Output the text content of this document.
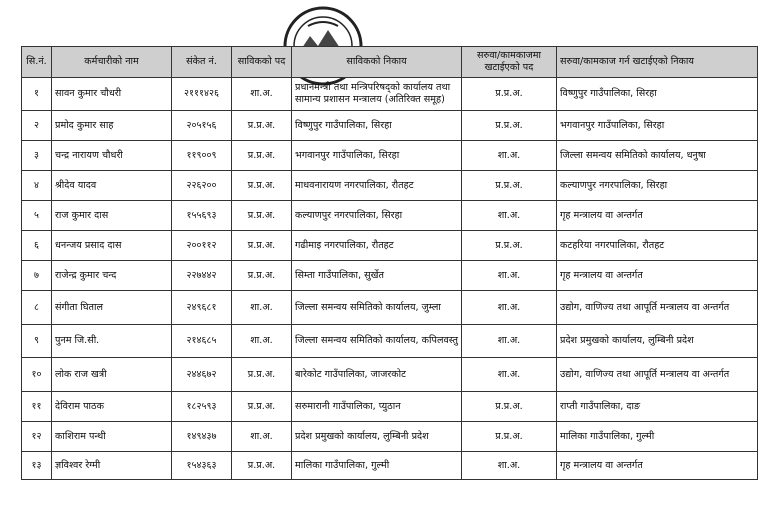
सि.नं.	कर्मचारीको नाम	संकेत नं.	साविकको पद	साविकको निकाय	सरुवा/कामकाजमा खटाईएको पद	सरुवा/कामकाज गर्न खटाईएको निकाय
१	सावन कुमार चौधरी	२१११४२६	शा.अ.	प्रधानमन्त्री तथा मन्त्रिपरिषद्को कार्यालय तथा सामान्य प्रशासन मन्त्रालय (अतिरिक्त समूह)	प्र.प्र.अ.	विष्णुपुर गाउँपालिका, सिरहा
२	प्रमोद कुमार साह	२०५१५६	प्र.प्र.अ.	विष्णुपुर गाउँपालिका, सिरहा	प्र.प्र.अ.	भगवानपुर गाउँपालिका, सिरहा
३	चन्द्र नारायण चौधरी	११९००९	प्र.प्र.अ.	भगवानपुर गाउँपालिका, सिरहा	शा.अ.	जिल्ला समन्वय समितिको कार्यालय, धनुषा
४	श्रीदेव यादव	२२६२००	प्र.प्र.अ.	माधवनारायण नगरपालिका, रौतहट	प्र.प्र.अ.	कल्याणपुर नगरपालिका, सिरहा
५	राज कुमार दास	१५५६९३	प्र.प्र.अ.	कल्याणपुर नगरपालिका, सिरहा	शा.अ.	गृह मन्त्रालय वा अन्तर्गत
६	धनन्जय प्रसाद दास	२००११२	प्र.प्र.अ.	गढीमाइ नगरपालिका, रौतहट	प्र.प्र.अ.	कटहरिया नगरपालिका, रौतहट
७	राजेन्द्र कुमार चन्द	२२७४४२	प्र.प्र.अ.	सिम्ता गाउँपालिका, सुर्खेत	शा.अ.	गृह मन्त्रालय वा अन्तर्गत
८	संगीता घिताल	२४९६८१	शा.अ.	जिल्ला समन्वय समितिको कार्यालय, जुम्ला	शा.अ.	उद्योग, वाणिज्य तथा आपूर्ति मन्त्रालय वा अन्तर्गत
९	पुनम जि.सी.	२१४६८५	शा.अ.	जिल्ला समन्वय समितिको कार्यालय, कपिलवस्तु	शा.अ.	प्रदेश प्रमुखको कार्यालय, लुम्बिनी प्रदेश
१०	लोक राज खत्री	२४४६७२	प्र.प्र.अ.	बारेकोट गाउँपालिका, जाजरकोट	शा.अ.	उद्योग, वाणिज्य तथा आपूर्ति मन्त्रालय वा अन्तर्गत
११	देविराम पाठक	१८२५९३	प्र.प्र.अ.	सरुमारानी गाउँपालिका, प्युठान	प्र.प्र.अ.	राप्ती गाउँपालिका, दाङ
१२	काशिराम पन्थी	१४९४३७	शा.अ.	प्रदेश प्रमुखको कार्यालय, लुम्बिनी प्रदेश	प्र.प्र.अ.	मालिका गाउँपालिका, गुल्मी
१३	ज्ञविश्वर रेग्मी	१५४३६३	प्र.प्र.अ.	मालिका गाउँपालिका, गुल्मी	शा.अ.	गृह मन्त्रालय वा अन्तर्गत
